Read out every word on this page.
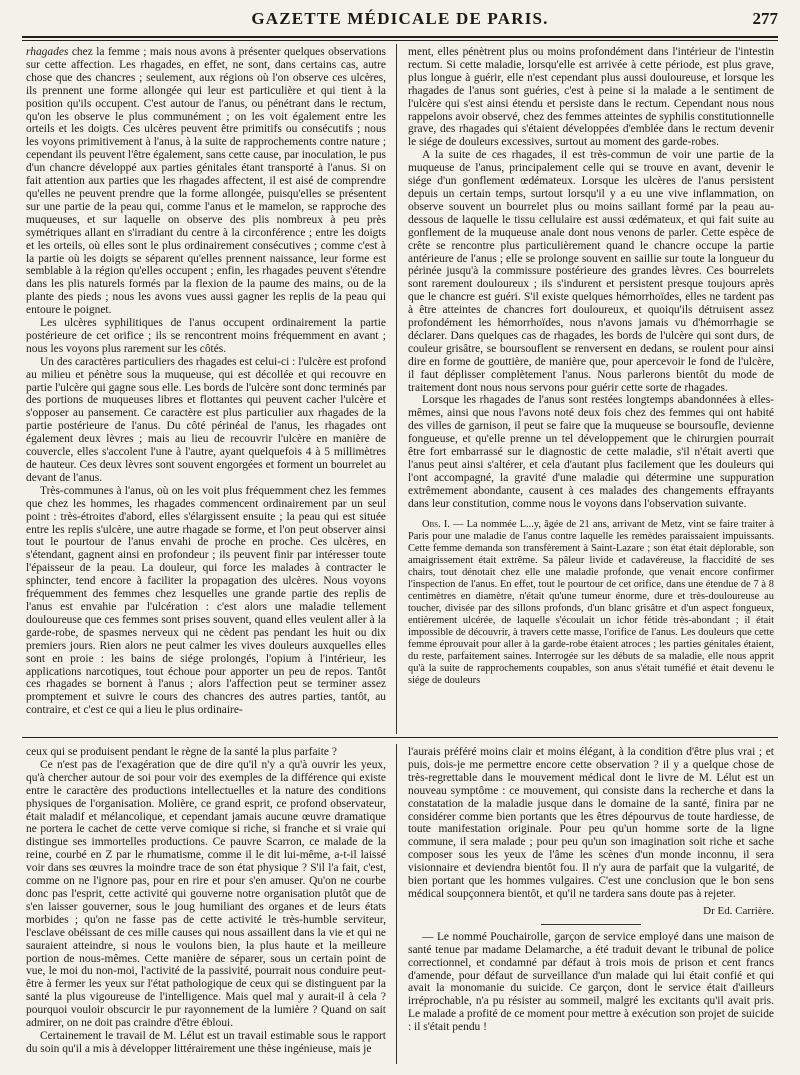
GAZETTE MÉDICALE DE PARIS.	277

rhagades chez la femme ; mais nous avons à présenter quelques observations sur cette affection. Les rhagades, en effet, ne sont, dans certains cas, autre chose que des chancres ; seulement, aux régions où l'on observe ces ulcères, ils prennent une forme allongée qui leur est particulière et qui tient à la position qu'ils occupent. C'est autour de l'anus, ou pénétrant dans le rectum, qu'on les observe le plus communément ; on les voit également entre les orteils et les doigts. Ces ulcères peuvent être primitifs ou consécutifs ; nous les voyons primitivement à l'anus, à la suite de rapprochements contre nature ; cependant ils peuvent l'être également, sans cette cause, par inoculation, le pus d'un chancre développé aux parties génitales étant transporté à l'anus. Si on fait attention aux parties que les rhagades affectent, il est aisé de comprendre qu'elles ne peuvent prendre que la forme allongée, puisqu'elles se présentent sur une partie de la peau qui, comme l'anus et le mamelon, se rapproche des muqueuses, et sur laquelle on observe des plis nombreux à peu près symétriques allant en s'irradiant du centre à la circonférence ; entre les doigts et les orteils, où elles sont le plus ordinairement consécutives ; comme c'est à la partie où les doigts se séparent qu'elles prennent naissance, leur forme est semblable à la région qu'elles occupent ; enfin, les rhagades peuvent s'étendre dans les plis naturels formés par la flexion de la paume des mains, ou de la plante des pieds ; nous les avons vues aussi gagner les replis de la peau qui entoure le poignet.

Les ulcères syphilitiques de l'anus occupent ordinairement la partie postérieure de cet orifice ; ils se rencontrent moins fréquemment en avant ; nous les voyons plus rarement sur les côtés.

Un des caractères particuliers des rhagades est celui-ci : l'ulcère est profond au milieu et pénètre sous la muqueuse, qui est décollée et qui recouvre en partie l'ulcère qui gagne sous elle. Les bords de l'ulcère sont donc terminés par des portions de muqueuses libres et flottantes qui peuvent cacher l'ulcère et s'opposer au pansement. Ce caractère est plus particulier aux rhagades de la partie postérieure de l'anus. Du côté périnéal de l'anus, les rhagades ont également deux lèvres ; mais au lieu de recouvrir l'ulcère en manière de couvercle, elles s'accolent l'une à l'autre, ayant quelquefois 4 à 5 millimètres de hauteur. Ces deux lèvres sont souvent engorgées et forment un bourrelet au devant de l'anus.

Très-communes à l'anus, où on les voit plus fréquemment chez les femmes que chez les hommes, les rhagades commencent ordinairement par un seul point : très-étroites d'abord, elles s'élargissent ensuite ; la peau qui est située entre les replis s'ulcère, une autre rhagade se forme, et l'on peut observer ainsi tout le pourtour de l'anus envahi de proche en proche. Ces ulcères, en s'étendant, gagnent ainsi en profondeur ; ils peuvent finir par intéresser toute l'épaisseur de la peau. La douleur, qui force les malades à contracter le sphincter, tend encore à faciliter la propagation des ulcères. Nous voyons fréquemment des femmes chez lesquelles une grande partie des replis de l'anus est envahie par l'ulcération : c'est alors une maladie tellement douloureuse que ces femmes sont prises souvent, quand elles veulent aller à la garde-robe, de spasmes nerveux qui ne cèdent pas pendant les huit ou dix premiers jours. Rien alors ne peut calmer les vives douleurs auxquelles elles sont en proie : les bains de siége prolongés, l'opium à l'intérieur, les applications narcotiques, tout échoue pour apporter un peu de repos. Tantôt ces rhagades se bornent à l'anus ; alors l'affection peut se terminer assez promptement et suivre le cours des chancres des autres parties, tantôt, au contraire, et c'est ce qui a lieu le plus ordinaire-

ment, elles pénètrent plus ou moins profondément dans l'intérieur de l'intestin rectum. Si cette maladie, lorsqu'elle est arrivée à cette période, est plus grave, plus longue à guérir, elle n'est cependant plus aussi douloureuse, et lorsque les rhagades de l'anus sont guéries, c'est à peine si la malade a le sentiment de l'ulcère qui s'est ainsi étendu et persiste dans le rectum. Cependant nous nous rappelons avoir observé, chez des femmes atteintes de syphilis constitutionnelle grave, des rhagades qui s'étaient développées d'emblée dans le rectum devenir le siége de douleurs excessives, surtout au moment des garde-robes.

A la suite de ces rhagades, il est très-commun de voir une partie de la muqueuse de l'anus, principalement celle qui se trouve en avant, devenir le siége d'un gonflement œdémateux. Lorsque les ulcères de l'anus persistent depuis un certain temps, surtout lorsqu'il y a eu une vive inflammation, on observe souvent un bourrelet plus ou moins saillant formé par la peau au-dessous de laquelle le tissu cellulaire est aussi œdémateux, et qui fait suite au gonflement de la muqueuse anale dont nous venons de parler. Cette espèce de crête se rencontre plus particulièrement quand le chancre occupe la partie antérieure de l'anus ; elle se prolonge souvent en saillie sur toute la longueur du périnée jusqu'à la commissure postérieure des grandes lèvres. Ces bourrelets sont rarement douloureux ; ils s'indurent et persistent presque toujours après que le chancre est guéri. S'il existe quelques hémorrhoïdes, elles ne tardent pas à être atteintes de chancres fort douloureux, et quoiqu'ils détruisent assez profondément les hémorrhoïdes, nous n'avons jamais vu d'hémorrhagie se déclarer. Dans quelques cas de rhagades, les bords de l'ulcère qui sont durs, de couleur grisâtre, se boursouflent se renversent en dedans, se roulent pour ainsi dire en forme de gouttière, de manière que, pour apercevoir le fond de l'ulcère, il faut déplisser complètement l'anus. Nous parlerons bientôt du mode de traitement dont nous nous servons pour guérir cette sorte de rhagades.

Lorsque les rhagades de l'anus sont restées longtemps abandonnées à elles-mêmes, ainsi que nous l'avons noté deux fois chez des femmes qui ont habité des villes de garnison, il peut se faire que la muqueuse se boursoufle, devienne fongueuse, et qu'elle prenne un tel développement que le chirurgien pourrait être fort embarrassé sur le diagnostic de cette maladie, s'il n'était averti que l'anus peut ainsi s'altérer, et cela d'autant plus facilement que les douleurs qui l'ont accompagné, la gravité d'une maladie qui détermine une suppuration extrêmement abondante, causent à ces malades des changements effrayants dans leur constitution, comme nous le voyons dans l'observation suivante.

Obs. I. — La nommée L...y, âgée de 21 ans, arrivant de Metz, vint se faire traiter à Paris pour une maladie de l'anus contre laquelle les remèdes paraissaient impuissants. Cette femme demanda son transfèrement à Saint-Lazare ; son état était déplorable, son amaigrissement était extrême. Sa pâleur livide et cadavéreuse, la flaccidité de ses chairs, tout dénotait chez elle une maladie profonde, que venait encore confirmer l'inspection de l'anus. En effet, tout le pourtour de cet orifice, dans une étendue de 7 à 8 centimètres en diamètre, n'était qu'une tumeur énorme, dure et très-douloureuse au toucher, divisée par des sillons profonds, d'un blanc grisâtre et d'un aspect fongueux, entièrement ulcérée, de laquelle s'écoulait un ichor fétide très-abondant ; il était impossible de découvrir, à travers cette masse, l'orifice de l'anus. Les douleurs que cette femme éprouvait pour aller à la garde-robe étaient atroces ; les parties génitales étaient, du reste, parfaitement saines. Interrogée sur les débuts de sa maladie, elle nous apprit qu'à la suite de rapprochements coupables, son anus s'était tuméfié et était devenu le siége de douleurs

ceux qui se produisent pendant le règne de la santé la plus parfaite ?

Ce n'est pas de l'exagération que de dire qu'il n'y a qu'à ouvrir les yeux, qu'à chercher autour de soi pour voir des exemples de la différence qui existe entre le caractère des productions intellectuelles et la nature des conditions physiques de l'organisation. Molière, ce grand esprit, ce profond observateur, était maladif et mélancolique, et cependant jamais aucune œuvre dramatique ne portera le cachet de cette verve comique si riche, si franche et si vraie qui distingue ses immortelles productions. Ce pauvre Scarron, ce malade de la reine, courbé en Z par le rhumatisme, comme il le dit lui-même, a-t-il laissé voir dans ses œuvres la moindre trace de son état physique ? S'il l'a fait, c'est, comme on ne l'ignore pas, pour en rire et pour s'en amuser. Qu'on ne courbe donc pas l'esprit, cette activité qui gouverne notre organisation plutôt que de s'en laisser gouverner, sous le joug humiliant des organes et de leurs états morbides ; qu'on ne fasse pas de cette activité le très-humble serviteur, l'esclave obéissant de ces mille causes qui nous assaillent dans la vie et qui ne sauraient atteindre, si nous le voulons bien, la plus haute et la meilleure portion de nous-mêmes. Cette manière de séparer, sous un certain point de vue, le moi du non-moi, l'activité de la passivité, pourrait nous conduire peut-être à fermer les yeux sur l'état pathologique de ceux qui se distinguent par la santé la plus vigoureuse de l'intelligence. Mais quel mal y aurait-il à cela ? pourquoi vouloir obscurcir le pur rayonnement de la lumière ? Quand on sait admirer, on ne doit pas craindre d'être ébloui.

Certainement le travail de M. Lélut est un travail estimable sous le rapport du soin qu'il a mis à développer littérairement une thèse ingénieuse, mais je

l'aurais préféré moins clair et moins élégant, à la condition d'être plus vrai ; et puis, dois-je me permettre encore cette observation ? il y a quelque chose de très-regrettable dans le mouvement médical dont le livre de M. Lélut est un nouveau symptôme : ce mouvement, qui consiste dans la recherche et dans la constatation de la maladie jusque dans le domaine de la santé, finira par ne considérer comme bien portants que les êtres dépourvus de toute hardiesse, de toute manifestation originale. Pour peu qu'un homme sorte de la ligne commune, il sera malade ; pour peu qu'un son imagination soit riche et sache composer sous les yeux de l'âme les scènes d'un monde inconnu, il sera visionnaire et deviendra bientôt fou. Il n'y aura de parfait que la vulgarité, de bien portant que les hommes vulgaires. C'est une conclusion que le bon sens médical soupçonnera bientôt, et qu'il ne tardera sans doute pas à rejeter.

Dr Ed. Carrière.

— Le nommé Pouchairolle, garçon de service employé dans une maison de santé tenue par madame Delamarche, a été traduit devant le tribunal de police correctionnel, et condamné par défaut à trois mois de prison et cent francs d'amende, pour défaut de surveillance d'un malade qui lui était confié et qui avait la monomanie du suicide. Ce garçon, dont le service était d'ailleurs irréprochable, n'a pu résister au sommeil, malgré les excitants qu'il avait pris. Le malade a profité de ce moment pour mettre à exécution son projet de suicide : il s'était pendu !
